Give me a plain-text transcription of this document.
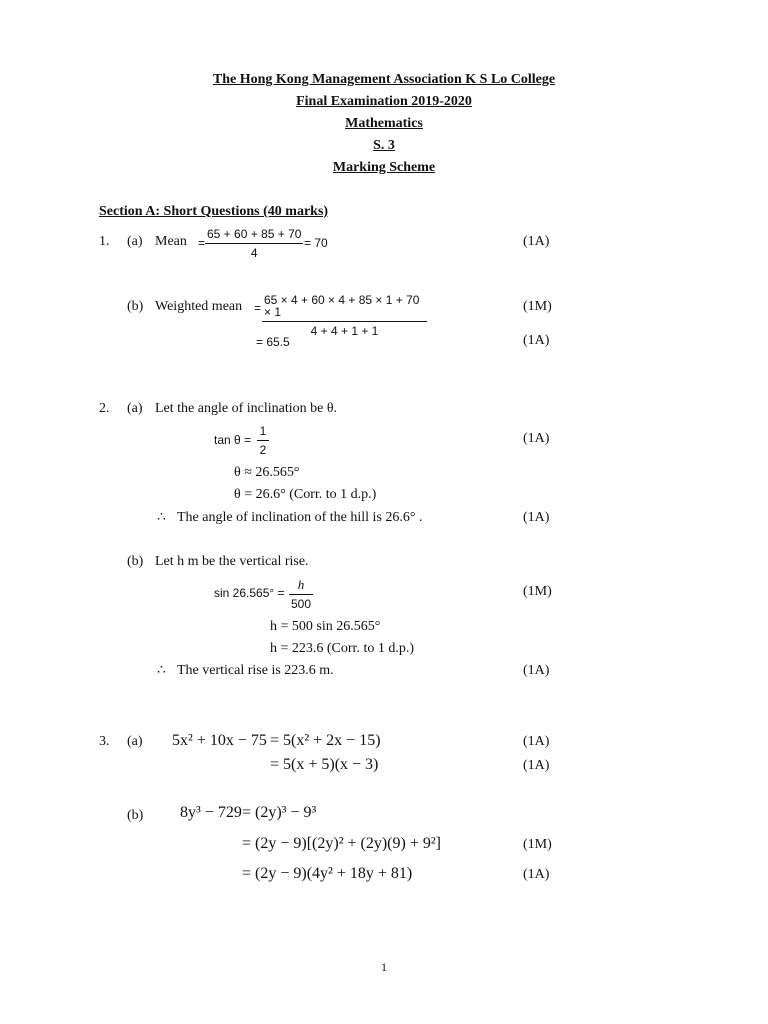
The Hong Kong Management Association K S Lo College
Final Examination 2019-2020
Mathematics
S. 3
Marking Scheme
Section A: Short Questions (40 marks)
1. (a) Mean =
65 + 60 + 85 + 70
4
= 70	(1A)
(b) Weighted mean =
65 × 4 + 60 × 4 + 85 × 1 + 70 × 1
4 + 4 + 1 + 1
(1M)
= 65.5	(1A)
2. (a) Let the angle of inclination be θ.
tan θ =
1
2
(1A)
θ ≈ 26.565°
θ = 26.6° (Corr. to 1 d.p.)
∴ The angle of inclination of the hill is 26.6° .	(1A)
(b) Let h m be the vertical rise.
sin 26.565° =
h
500
(1M)
h = 500 sin 26.565°
h = 223.6 (Corr. to 1 d.p.)
∴ The vertical rise is 223.6 m.	(1A)
3. (a) 5x² + 10x − 75 = 5(x² + 2x − 15)	(1A)
= 5(x + 5)(x − 3)	(1A)
(b) 8y³ − 729 = (2y)³ − 9³
= (2y − 9)[(2y)² + (2y)(9) + 9²]	(1M)
= (2y − 9)(4y² + 18y + 81)	(1A)
1
